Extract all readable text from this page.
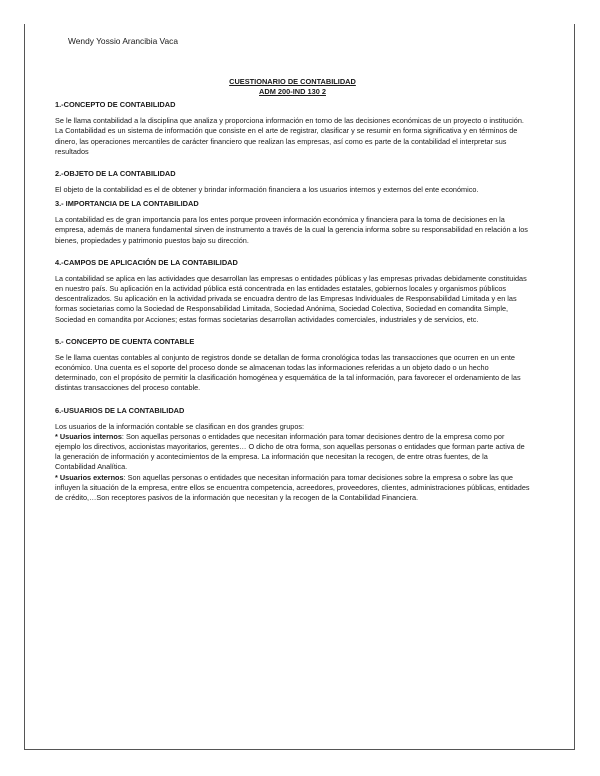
Wendy Yossio Arancibia Vaca
CUESTIONARIO DE CONTABILIDAD
ADM 200-IND 130 2
1.-CONCEPTO DE CONTABILIDAD

Se le llama contabilidad a la disciplina que analiza y proporciona información en torno de las decisiones económicas de un proyecto o institución.

La Contabilidad es un sistema de información que consiste en el arte de registrar, clasificar y se resumir en forma significativa y en términos de dinero, las operaciones mercantiles de carácter financiero que realizan las empresas, así como es parte de la contabilidad el interpretar sus resultados

2.-OBJETO DE LA CONTABILIDAD

El objeto de la contabilidad es el de obtener y brindar información financiera a los usuarios internos y externos del ente económico.

3.- IMPORTANCIA DE LA CONTABILIDAD

La contabilidad es de gran importancia para los entes porque proveen información económica y financiera para la toma de decisiones en la empresa, además de manera fundamental sirven de instrumento a través de la cual la gerencia informa sobre su responsabilidad en relación a los bienes, propiedades y patrimonio puestos bajo su dirección.

4.-CAMPOS DE APLICACIÓN DE LA CONTABILIDAD

La contabilidad se aplica en las actividades que desarrollan las empresas o entidades públicas y las empresas privadas debidamente constituidas en nuestro país. Su aplicación en la actividad pública está concentrada en las entidades estatales, gobiernos locales y organismos públicos descentralizados. Su aplicación en la actividad privada se encuadra dentro de las Empresas Individuales de Responsabilidad Limitada y en las formas societarias como la Sociedad de Responsabilidad Limitada, Sociedad Anónima, Sociedad Colectiva, Sociedad en comandita Simple, Sociedad en comandita por Acciones; estas formas societarias desarrollan actividades comerciales, industriales y de servicios, etc.

5.- CONCEPTO DE CUENTA CONTABLE

Se le llama cuentas contables al conjunto de registros donde se detallan de forma cronológica todas las transacciones que ocurren en un ente económico. Una cuenta es el soporte del proceso donde se almacenan todas las informaciones referidas a un objeto dado o un hecho determinado, con el propósito de permitir la clasificación homogénea y esquemática de la tal información, para favorecer el ordenamiento de las distintas transacciones del proceso contable.

6.-USUARIOS DE LA CONTABILIDAD

Los usuarios de la información contable se clasifican en dos grandes grupos:

* Usuarios internos: Son aquellas personas o entidades que necesitan información para tomar decisiones dentro de la empresa como por ejemplo los directivos, accionistas mayoritarios, gerentes… O dicho de otra forma, son aquellas personas o entidades que forman parte activa de la generación de información y acontecimientos de la empresa. La información que necesitan la recogen, de entre otras fuentes, de la Contabilidad Analítica.

* Usuarios externos: Son aquellas personas o entidades que necesitan información para tomar decisiones sobre la empresa o sobre las que influyen la situación de la empresa, entre ellos se encuentra competencia, acreedores, proveedores, clientes, administraciones públicas, entidades de crédito,…Son receptores pasivos de la información que necesitan y la recogen de la Contabilidad Financiera.
